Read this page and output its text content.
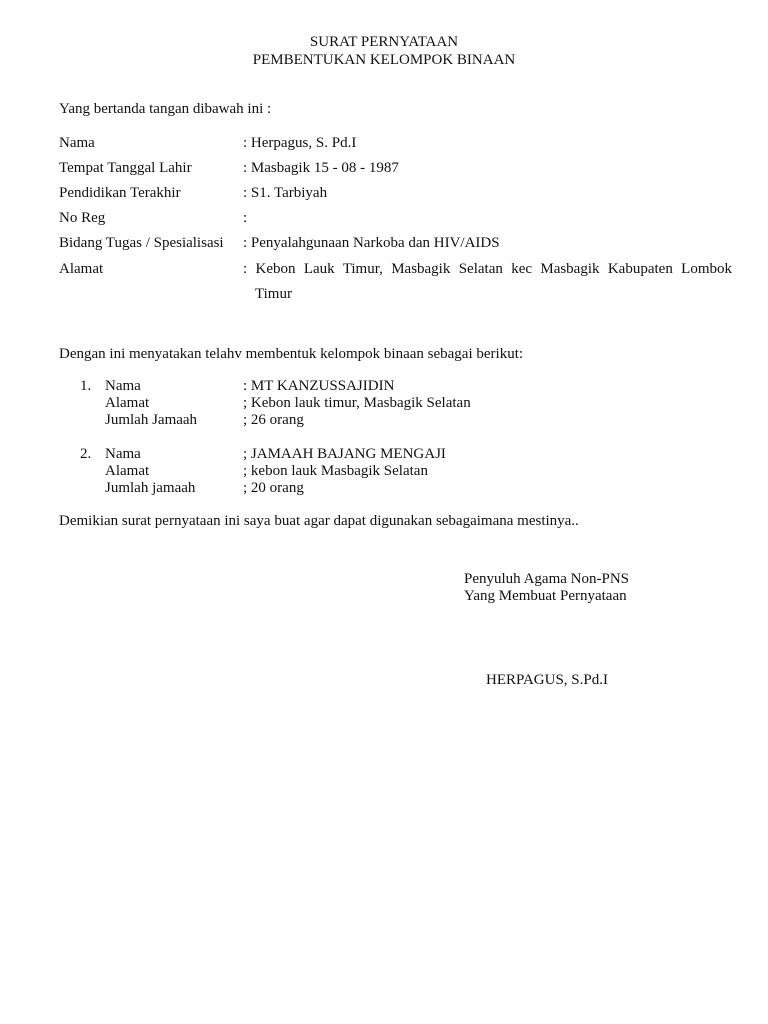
SURAT PERNYATAAN
PEMBENTUKAN KELOMPOK BINAAN
Yang bertanda tangan dibawah ini :
Nama	: Herpagus, S. Pd.I
Tempat Tanggal Lahir	: Masbagik 15 - 08 - 1987
Pendidikan Terakhir	: S1. Tarbiyah
No Reg	:
Bidang Tugas / Spesialisasi : Penyalahgunaan Narkoba dan HIV/AIDS
Alamat	: Kebon Lauk Timur, Masbagik Selatan kec Masbagik Kabupaten Lombok
Timur
Dengan ini menyatakan telahv membentuk kelompok binaan sebagai berikut:
1. Nama	: MT KANZUSSAJIDIN
Alamat	; Kebon lauk timur, Masbagik Selatan
Jumlah Jamaah	; 26 orang
2. Nama	; JAMAAH BAJANG MENGAJI
Alamat	; kebon lauk Masbagik Selatan
Jumlah jamaah	; 20 orang
Demikian surat pernyataan ini saya buat agar dapat digunakan sebagaimana mestinya..
Penyuluh Agama Non-PNS
Yang Membuat Pernyataan
HERPAGUS, S.Pd.I
